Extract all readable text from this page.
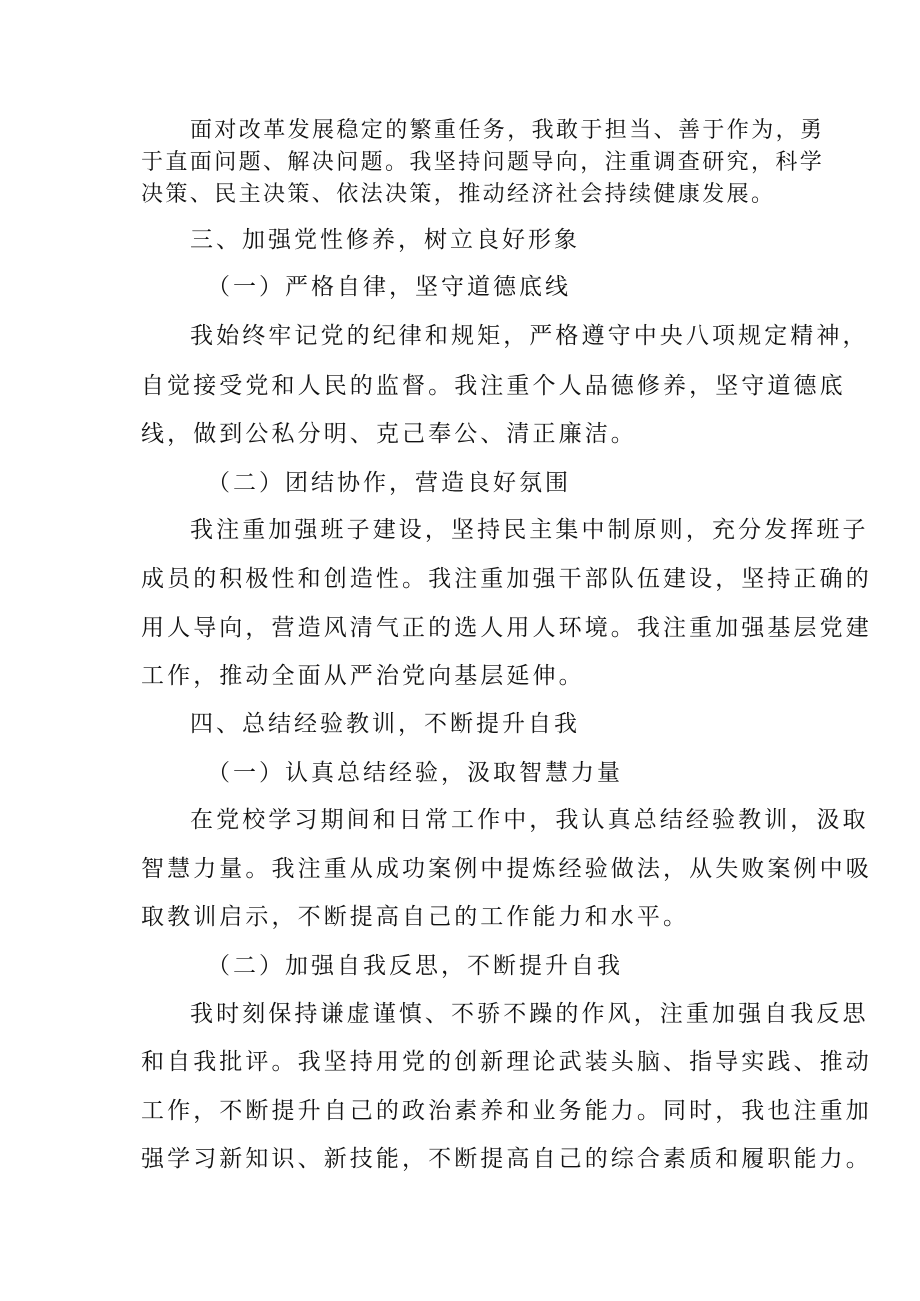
面对改革发展稳定的繁重任务，我敢于担当、善于作为，勇

于直面问题、解决问题。我坚持问题导向，注重调查研究，科学

决策、民主决策、依法决策，推动经济社会持续健康发展。

三、加强党性修养，树立良好形象

（一）严格自律，坚守道德底线

我始终牢记党的纪律和规矩，严格遵守中央八项规定精神，

自觉接受党和人民的监督。我注重个人品德修养，坚守道德底

线，做到公私分明、克己奉公、清正廉洁。

（二）团结协作，营造良好氛围

我注重加强班子建设，坚持民主集中制原则，充分发挥班子

成员的积极性和创造性。我注重加强干部队伍建设，坚持正确的

用人导向，营造风清气正的选人用人环境。我注重加强基层党建

工作，推动全面从严治党向基层延伸。

四、总结经验教训，不断提升自我

（一）认真总结经验，汲取智慧力量

在党校学习期间和日常工作中，我认真总结经验教训，汲取

智慧力量。我注重从成功案例中提炼经验做法，从失败案例中吸

取教训启示，不断提高自己的工作能力和水平。

（二）加强自我反思，不断提升自我

我时刻保持谦虚谨慎、不骄不躁的作风，注重加强自我反思

和自我批评。我坚持用党的创新理论武装头脑、指导实践、推动

工作，不断提升自己的政治素养和业务能力。同时，我也注重加

强学习新知识、新技能，不断提高自己的综合素质和履职能力。
